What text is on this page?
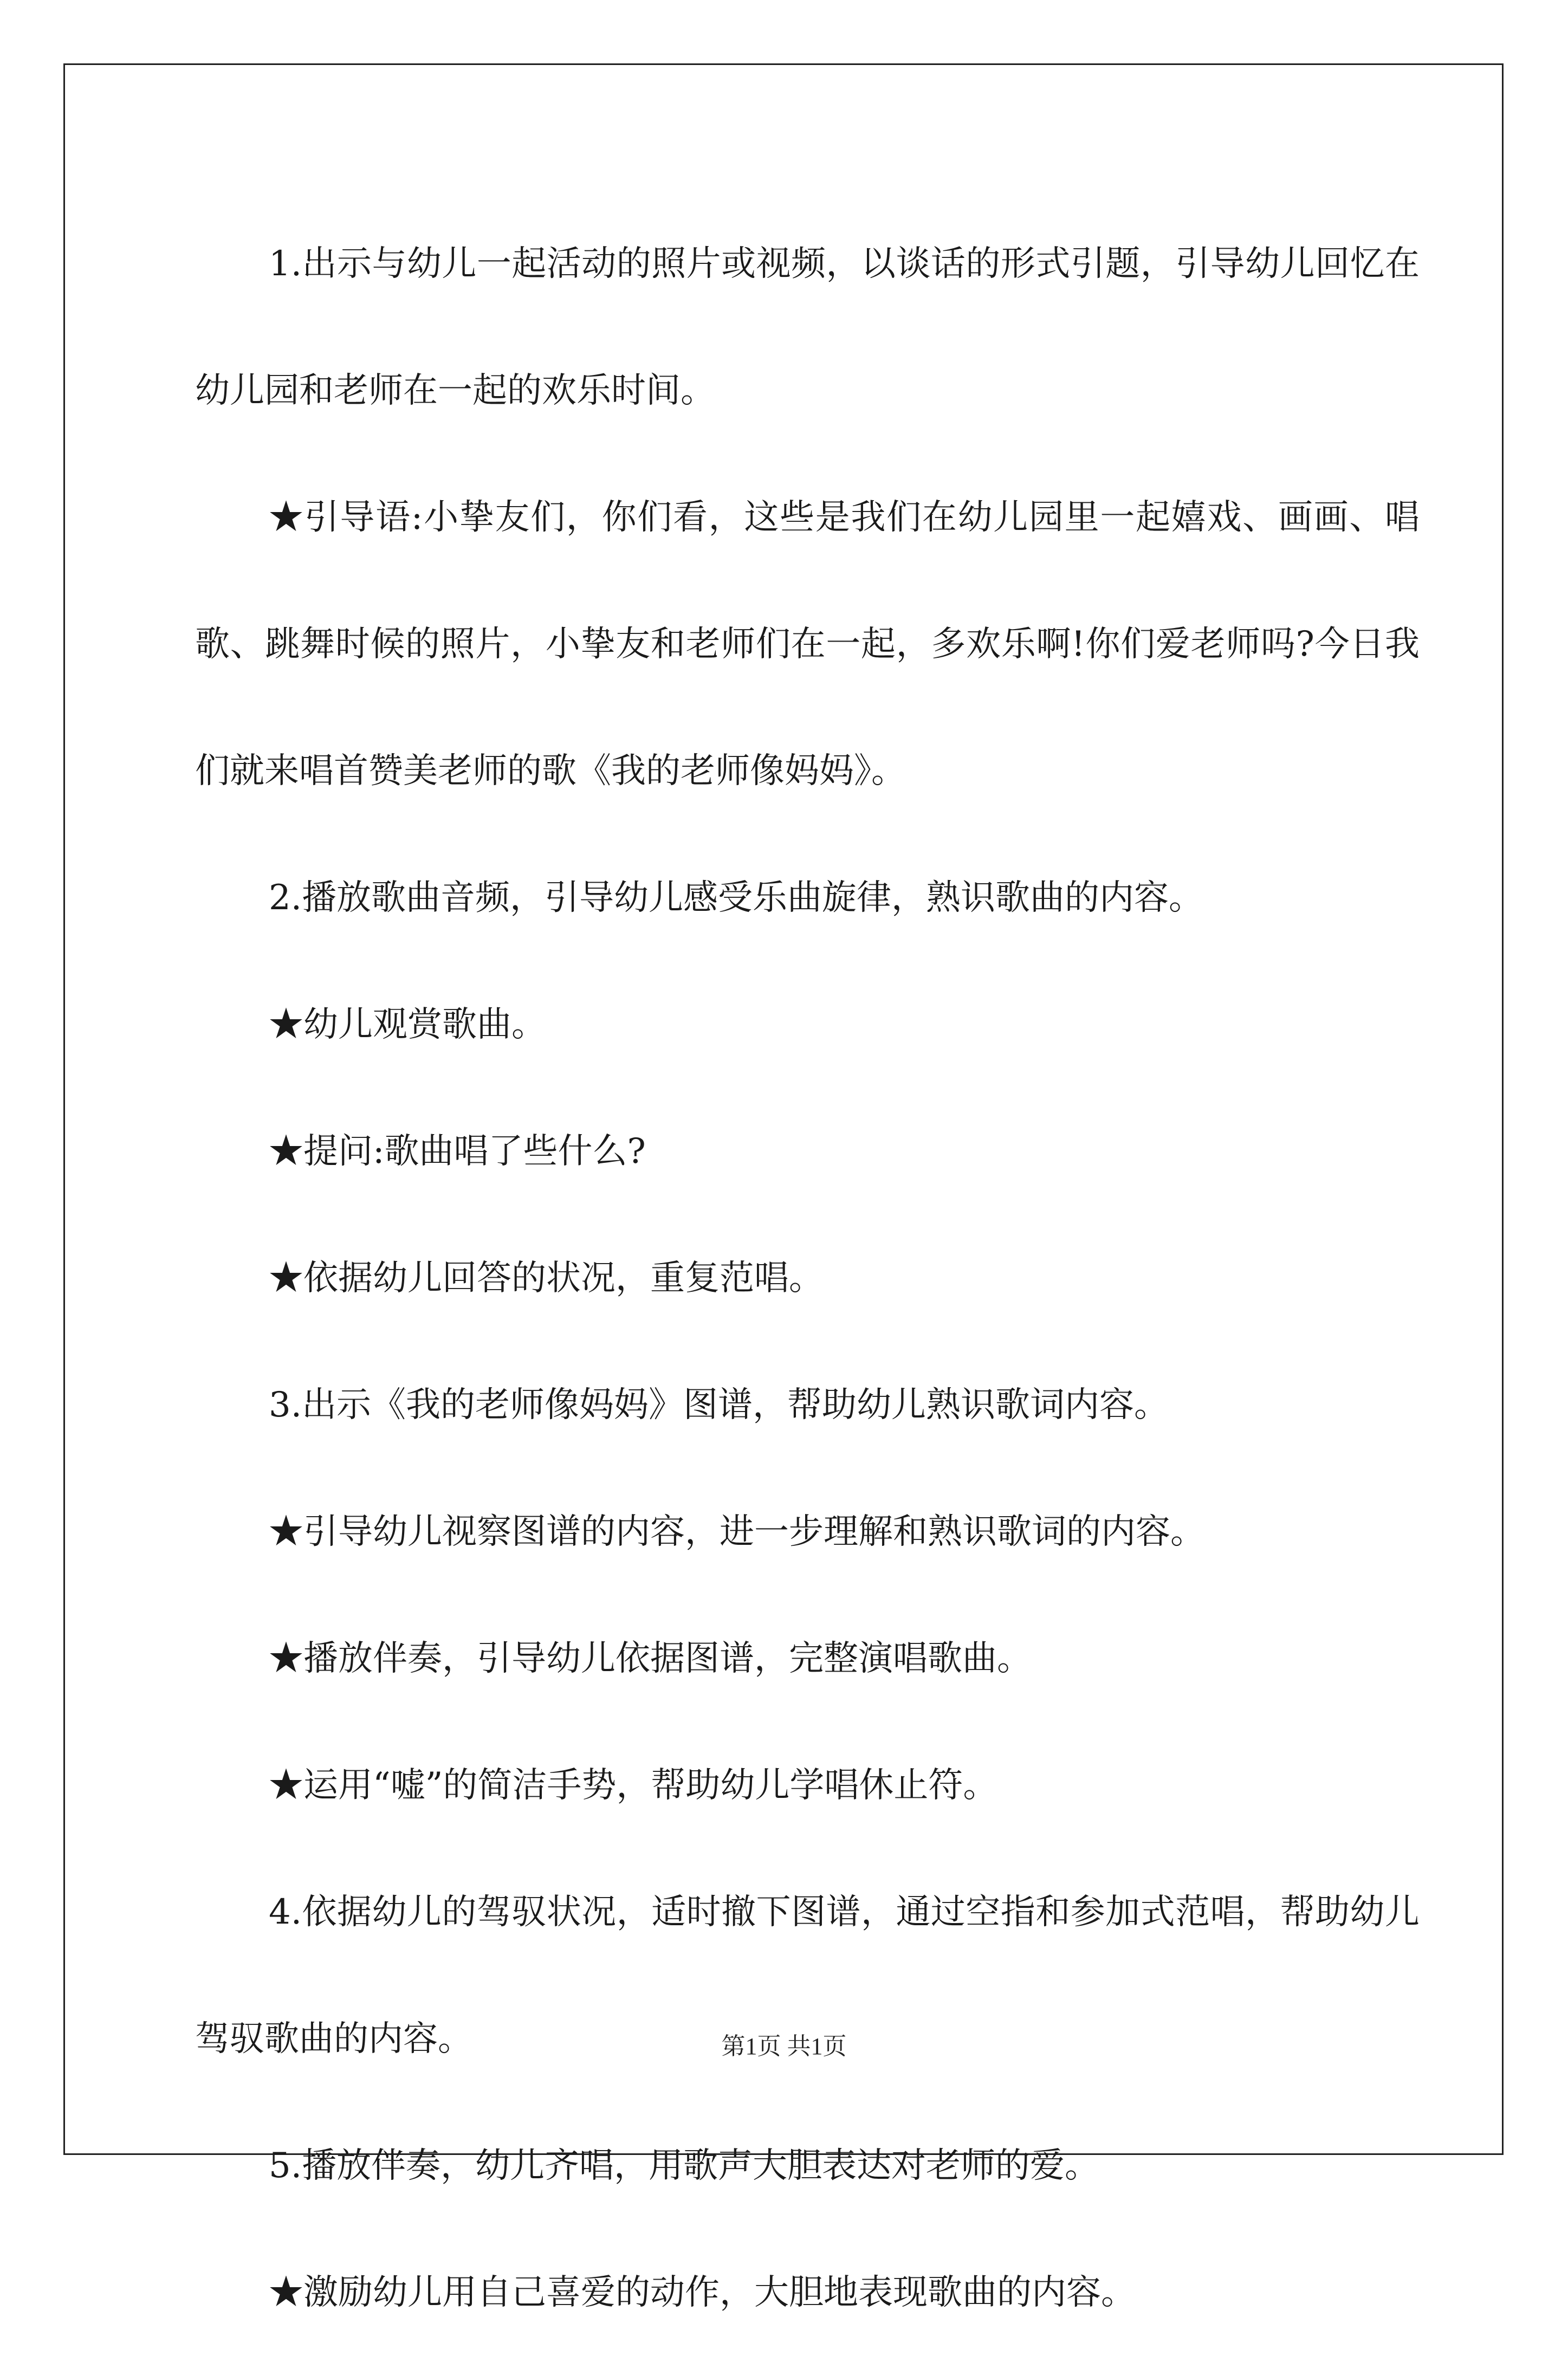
1.出示与幼儿一起活动的照片或视频，以谈话的形式引题，引导幼儿回忆在幼儿园和老师在一起的欢乐时间。

★引导语:小挚友们，你们看，这些是我们在幼儿园里一起嬉戏、画画、唱歌、跳舞时候的照片，小挚友和老师们在一起，多欢乐啊!你们爱老师吗?今日我们就来唱首赞美老师的歌《我的老师像妈妈》。

2.播放歌曲音频，引导幼儿感受乐曲旋律，熟识歌曲的内容。

★幼儿观赏歌曲。

★提问:歌曲唱了些什么?

★依据幼儿回答的状况，重复范唱。

3.出示《我的老师像妈妈》图谱，帮助幼儿熟识歌词内容。

★引导幼儿视察图谱的内容，进一步理解和熟识歌词的内容。

★播放伴奏，引导幼儿依据图谱，完整演唱歌曲。

★运用“嘘”的简洁手势，帮助幼儿学唱休止符。

4.依据幼儿的驾驭状况，适时撤下图谱，通过空指和参加式范唱，帮助幼儿驾驭歌曲的内容。

5.播放伴奏，幼儿齐唱，用歌声大胆表达对老师的爱。

★激励幼儿用自己喜爱的动作，大胆地表现歌曲的内容。

第1页 共1页
